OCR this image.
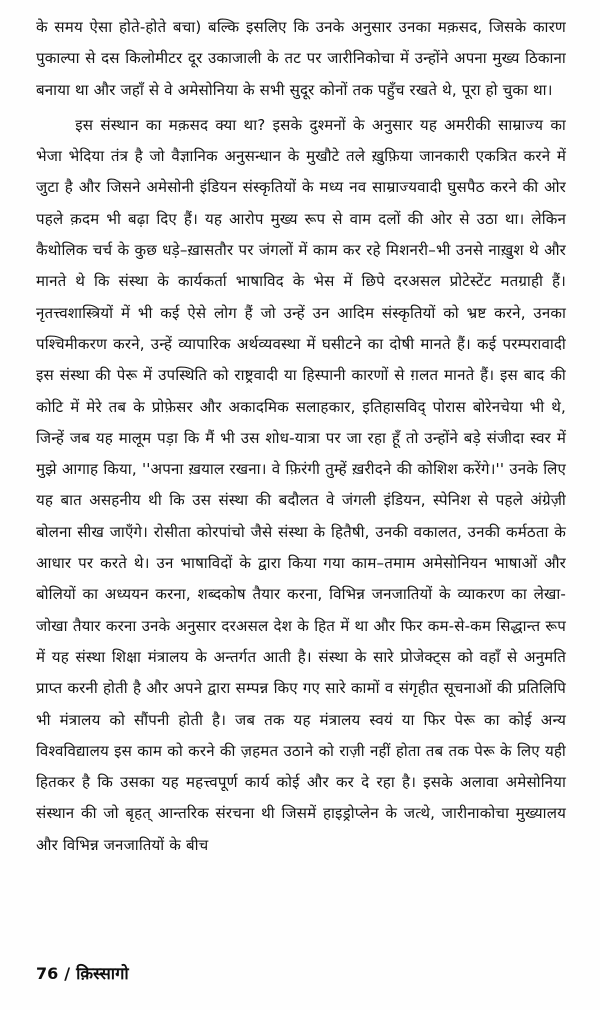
के समय ऐसा होते-होते बचा) बल्कि इसलिए कि उनके अनुसार उनका मक़सद, जिसके कारण पुकाल्पा से दस किलोमीटर दूर उकाजाली के तट पर जारीनिकोचा में उन्होंने अपना मुख्य ठिकाना बनाया था और जहाँ से वे अमेसोनिया के सभी सुदूर कोनों तक पहुँच रखते थे, पूरा हो चुका था।

इस संस्थान का मक़सद क्या था? इसके दुश्मनों के अनुसार यह अमरीकी साम्राज्य का भेजा भेदिया तंत्र है जो वैज्ञानिक अनुसन्धान के मुखौटे तले ख़ुफ़िया जानकारी एकत्रित करने में जुटा है और जिसने अमेसोनी इंडियन संस्कृतियों के मध्य नव साम्राज्यवादी घुसपैठ करने की ओर पहले क़दम भी बढ़ा दिए हैं। यह आरोप मुख्य रूप से वाम दलों की ओर से उठा था। लेकिन कैथोलिक चर्च के कुछ धड़े–ख़ासतौर पर जंगलों में काम कर रहे मिशनरी–भी उनसे नाख़ुश थे और मानते थे कि संस्था के कार्यकर्ता भाषाविद के भेस में छिपे दरअसल प्रोटेस्टेंट मतग्राही हैं। नृतत्त्वशास्त्रियों में भी कई ऐसे लोग हैं जो उन्हें उन आदिम संस्कृतियों को भ्रष्ट करने, उनका पश्चिमीकरण करने, उन्हें व्यापारिक अर्थव्यवस्था में घसीटने का दोषी मानते हैं। कई परम्परावादी इस संस्था की पेरू में उपस्थिति को राष्ट्रवादी या हिस्पानी कारणों से ग़लत मानते हैं। इस बाद की कोटि में मेरे तब के प्रोफ़ेसर और अकादमिक सलाहकार, इतिहासविद् पोरास बोरेनचेया भी थे, जिन्हें जब यह मालूम पड़ा कि मैं भी उस शोध-यात्रा पर जा रहा हूँ तो उन्होंने बड़े संजीदा स्वर में मुझे आगाह किया, ''अपना ख़याल रखना। वे फ़िरंगी तुम्हें ख़रीदने की कोशिश करेंगे।'' उनके लिए यह बात असहनीय थी कि उस संस्था की बदौलत वे जंगली इंडियन, स्पेनिश से पहले अंग्रेज़ी बोलना सीख जाएँगे। रोसीता कोरपांचो जैसे संस्था के हितैषी, उनकी वकालत, उनकी कर्मठता के आधार पर करते थे। उन भाषाविदों के द्वारा किया गया काम–तमाम अमेसोनियन भाषाओं और बोलियों का अध्ययन करना, शब्दकोष तैयार करना, विभिन्न जनजातियों के व्याकरण का लेखा-जोखा तैयार करना उनके अनुसार दरअसल देश के हित में था और फिर कम-से-कम सिद्धान्त रूप में यह संस्था शिक्षा मंत्रालय के अन्तर्गत आती है। संस्था के सारे प्रोजेक्ट्स को वहाँ से अनुमति प्राप्त करनी होती है और अपने द्वारा सम्पन्न किए गए सारे कामों व संगृहीत सूचनाओं की प्रतिलिपि भी मंत्रालय को सौंपनी होती है। जब तक यह मंत्रालय स्वयं या फिर पेरू का कोई अन्य विश्वविद्यालय इस काम को करने की ज़हमत उठाने को राज़ी नहीं होता तब तक पेरू के लिए यही हितकर है कि उसका यह महत्त्वपूर्ण कार्य कोई और कर दे रहा है। इसके अलावा अमेसोनिया संस्थान की जो बृहत् आन्तरिक संरचना थी जिसमें हाइड्रोप्लेन के जत्थे, जारीनाकोचा मुख्यालय और विभिन्न जनजातियों के बीच

76 / क़िस्सागो
